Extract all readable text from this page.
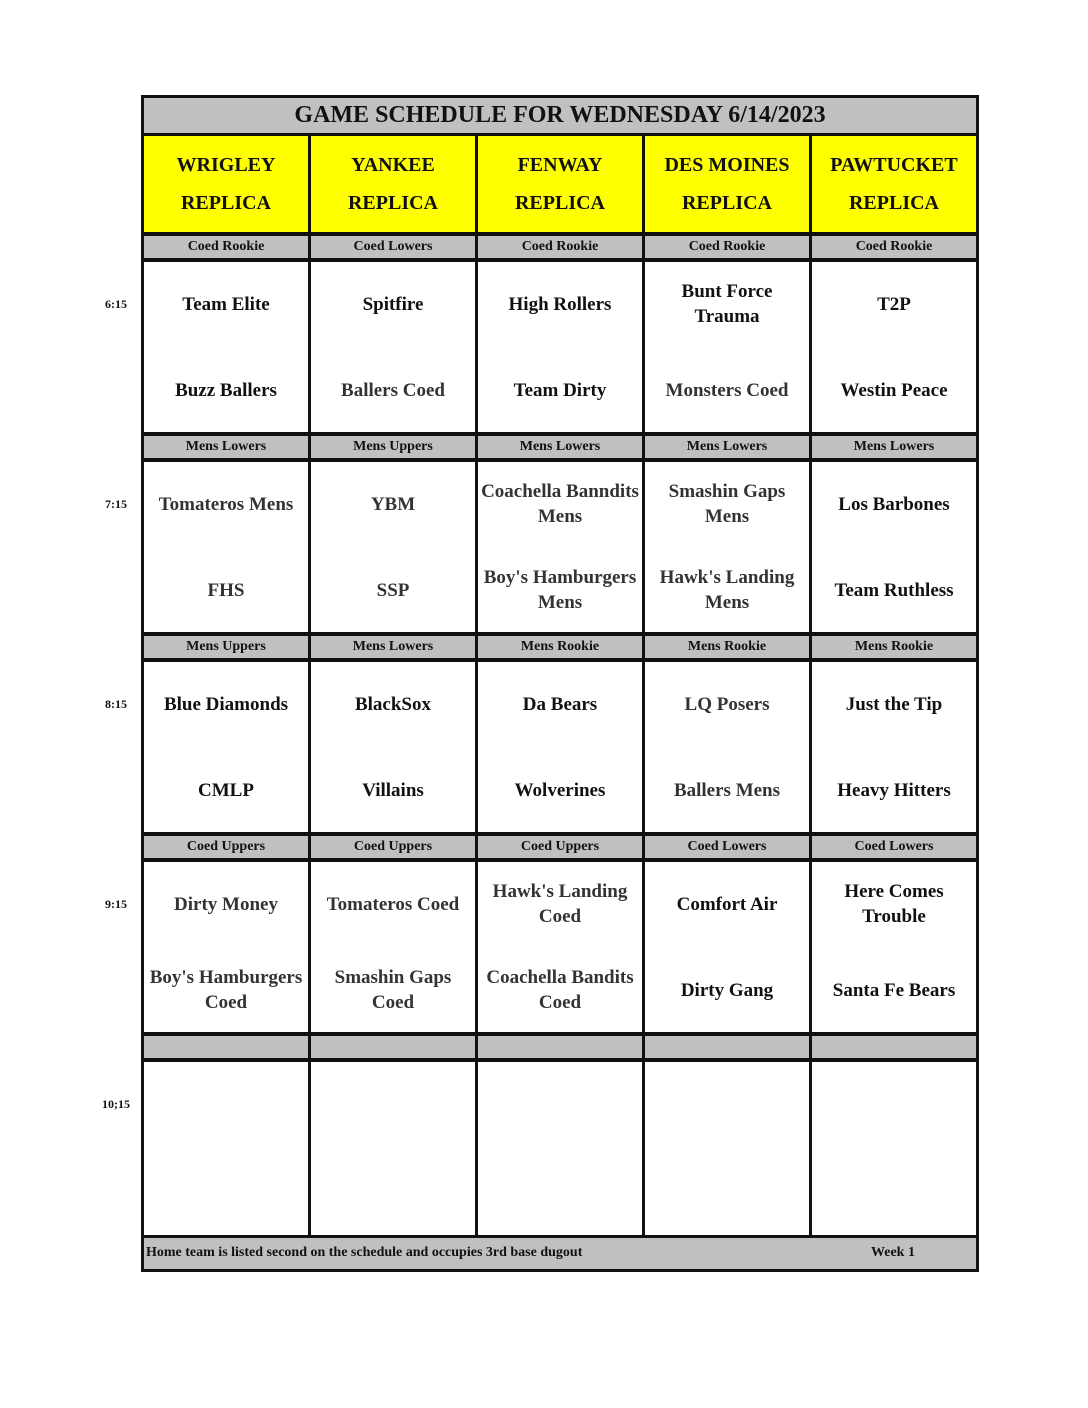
GAME SCHEDULE FOR WEDNESDAY 6/14/2023
WRIGLEY
REPLICA
YANKEE
REPLICA
FENWAY
REPLICA
DES MOINES
REPLICA
PAWTUCKET
REPLICA
Coed Rookie
Team Elite
Buzz Ballers
Coed Lowers
Spitfire
Ballers Coed
Coed Rookie
High Rollers
Team Dirty
Coed Rookie
Bunt Force Trauma
Monsters Coed
Coed Rookie
T2P
Westin Peace
Mens Lowers
Tomateros Mens
FHS
Mens Uppers
YBM
SSP
Mens Lowers
Coachella Banndits Mens
Boy's Hamburgers Mens
Mens Lowers
Smashin Gaps Mens
Hawk's Landing Mens
Mens Lowers
Los Barbones
Team Ruthless
Mens Uppers
Blue Diamonds
CMLP
Mens Lowers
BlackSox
Villains
Mens Rookie
Da Bears
Wolverines
Mens Rookie
LQ Posers
Ballers Mens
Mens Rookie
Just the Tip
Heavy Hitters
Coed Uppers
Dirty Money
Boy's Hamburgers Coed
Coed Uppers
Tomateros Coed
Smashin Gaps Coed
Coed Uppers
Hawk's Landing Coed
Coachella Bandits Coed
Coed Lowers
Comfort Air
Dirty Gang
Coed Lowers
Here Comes Trouble
Santa Fe Bears
Home team is listed second on the schedule and occupies 3rd base dugout	Week 1
6:15
7:15
8:15
9:15
10;15
